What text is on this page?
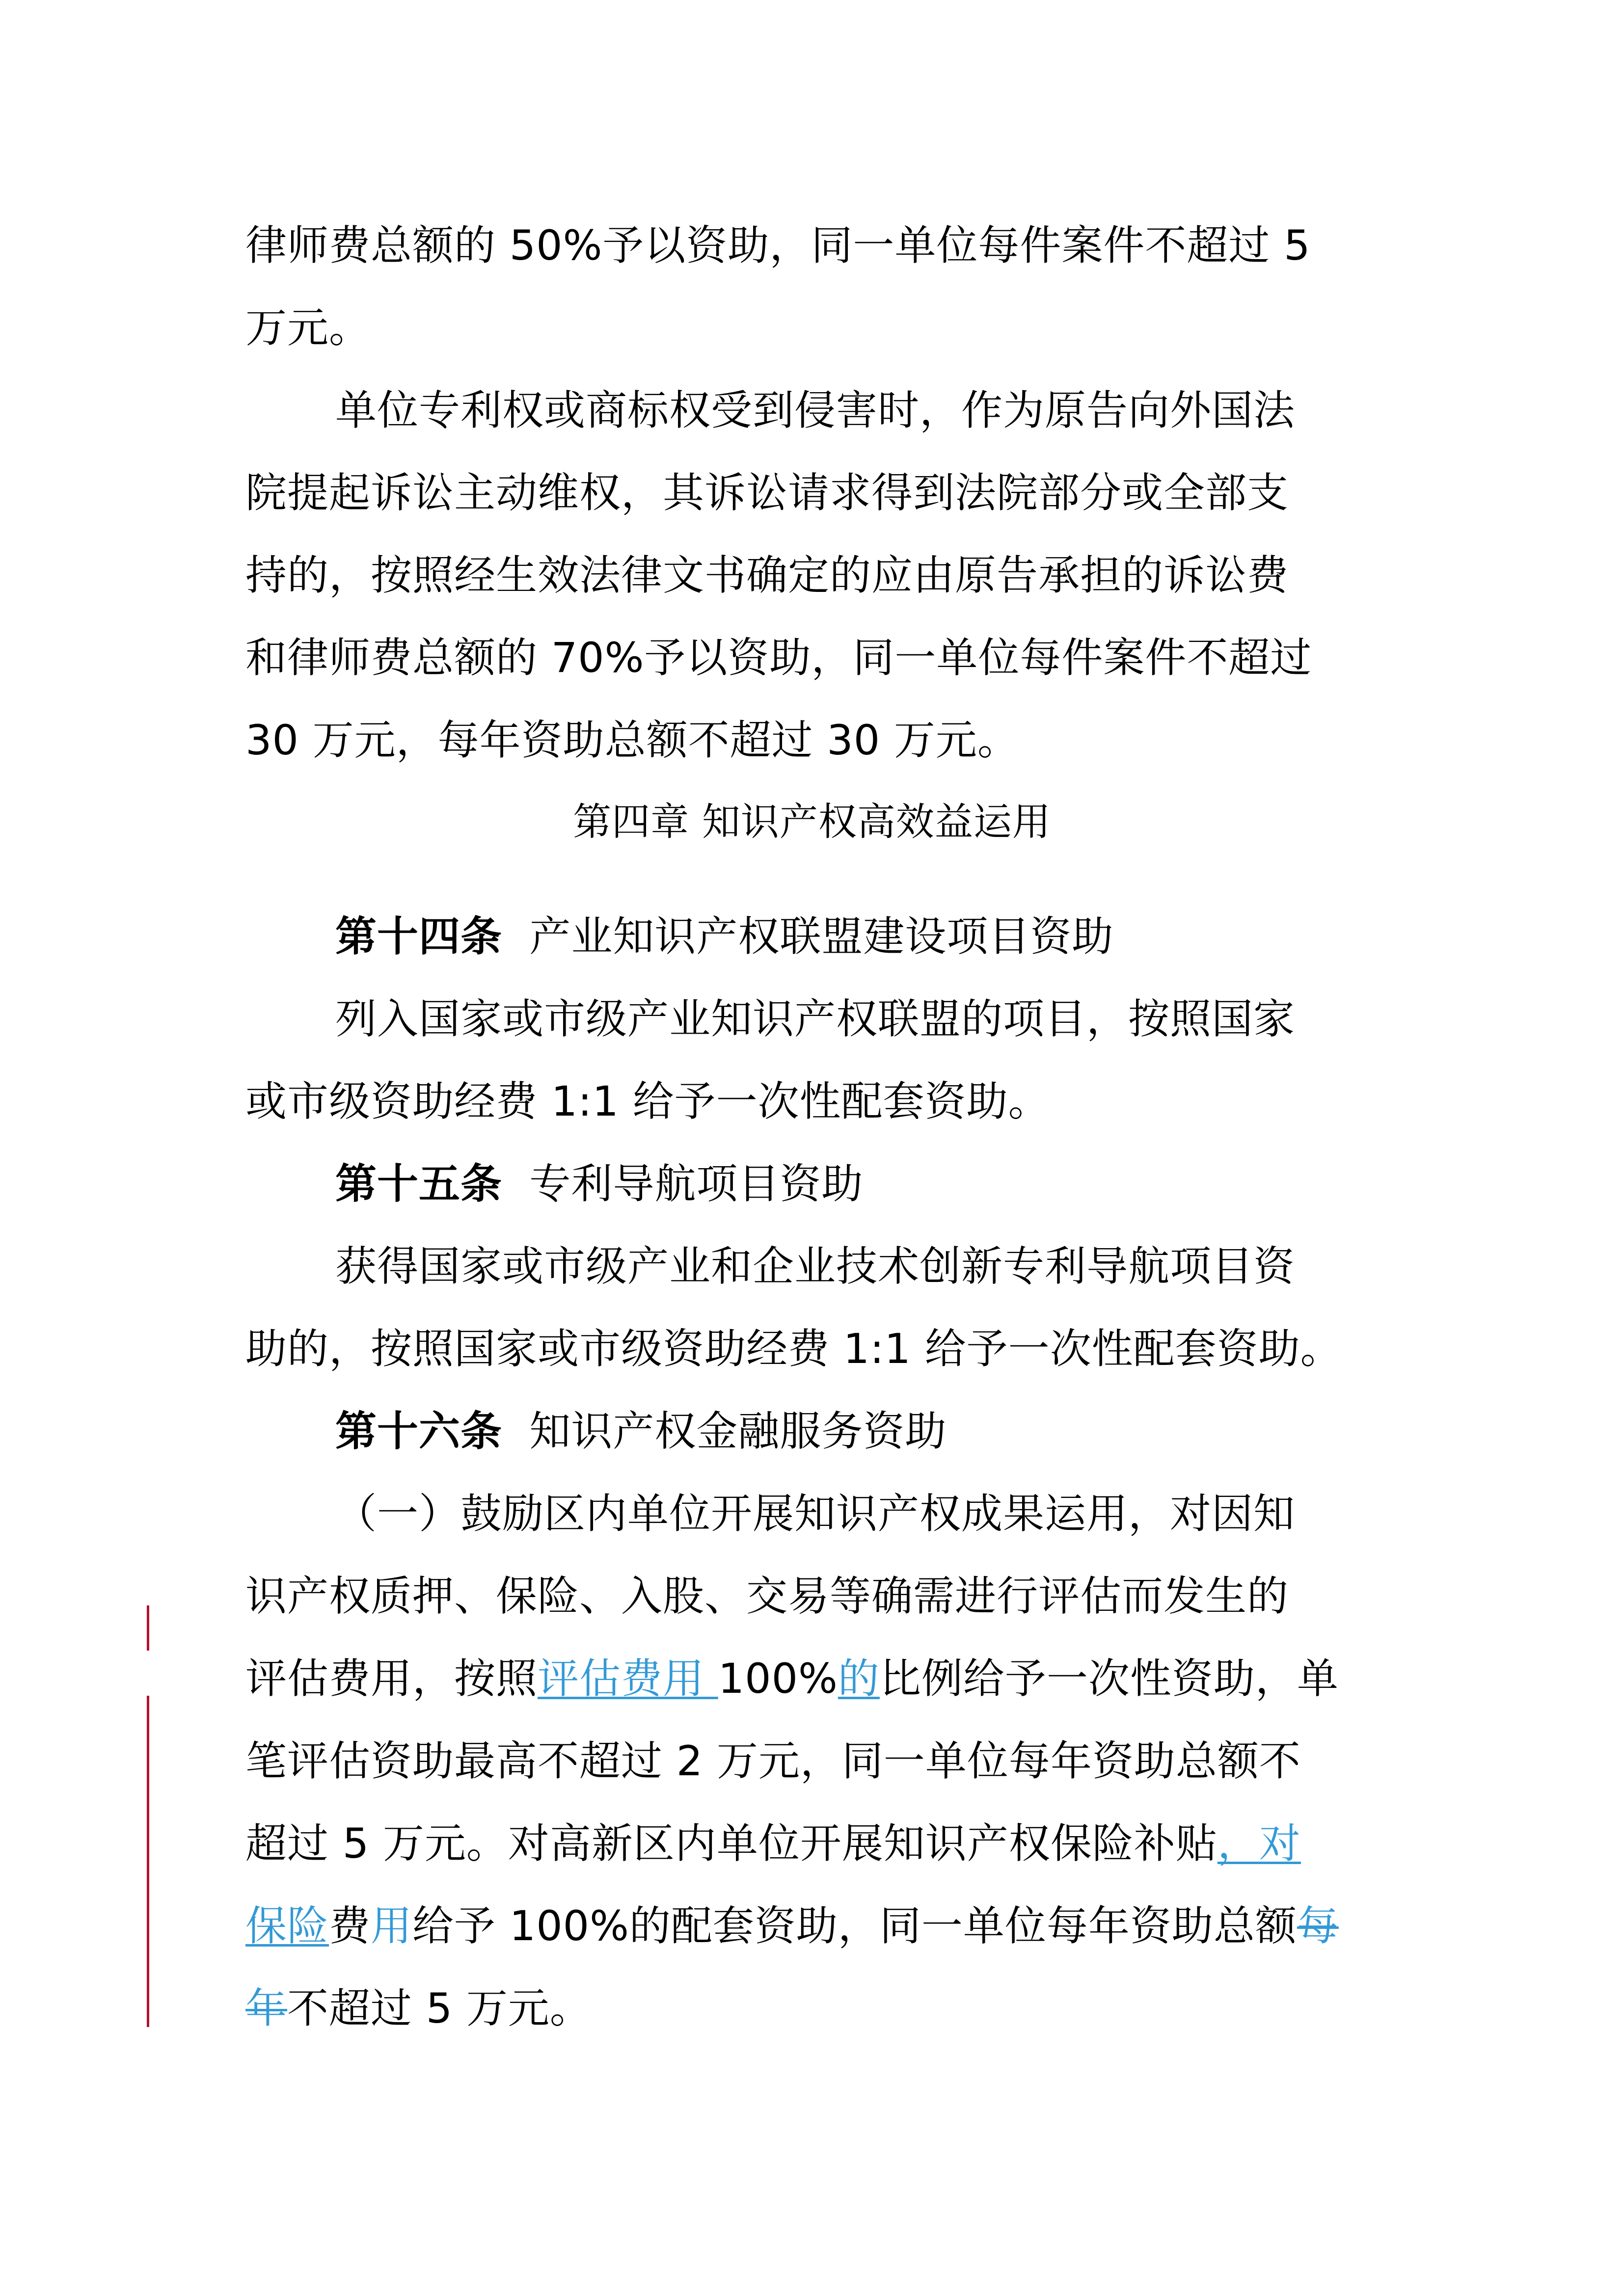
律师费总额的 50%予以资助，同一单位每件案件不超过 5
万元。
单位专利权或商标权受到侵害时，作为原告向外国法
院提起诉讼主动维权，其诉讼请求得到法院部分或全部支
持的，按照经生效法律文书确定的应由原告承担的诉讼费
和律师费总额的 70%予以资助，同一单位每件案件不超过
30 万元，每年资助总额不超过 30 万元。
第四章 知识产权高效益运用
第十四条  产业知识产权联盟建设项目资助
列入国家或市级产业知识产权联盟的项目，按照国家
或市级资助经费 1:1 给予一次性配套资助。
第十五条  专利导航项目资助
获得国家或市级产业和企业技术创新专利导航项目资
助的，按照国家或市级资助经费 1:1 给予一次性配套资助。
第十六条  知识产权金融服务资助
（一）鼓励区内单位开展知识产权成果运用，对因知
识产权质押、保险、入股、交易等确需进行评估而发生的
评估费用，按照评估费用 100%的比例给予一次性资助，单
笔评估资助最高不超过 2 万元，同一单位每年资助总额不
超过 5 万元。对高新区内单位开展知识产权保险补贴，对
保险费用给予 100%的配套资助，同一单位每年资助总额每
年不超过 5 万元。
